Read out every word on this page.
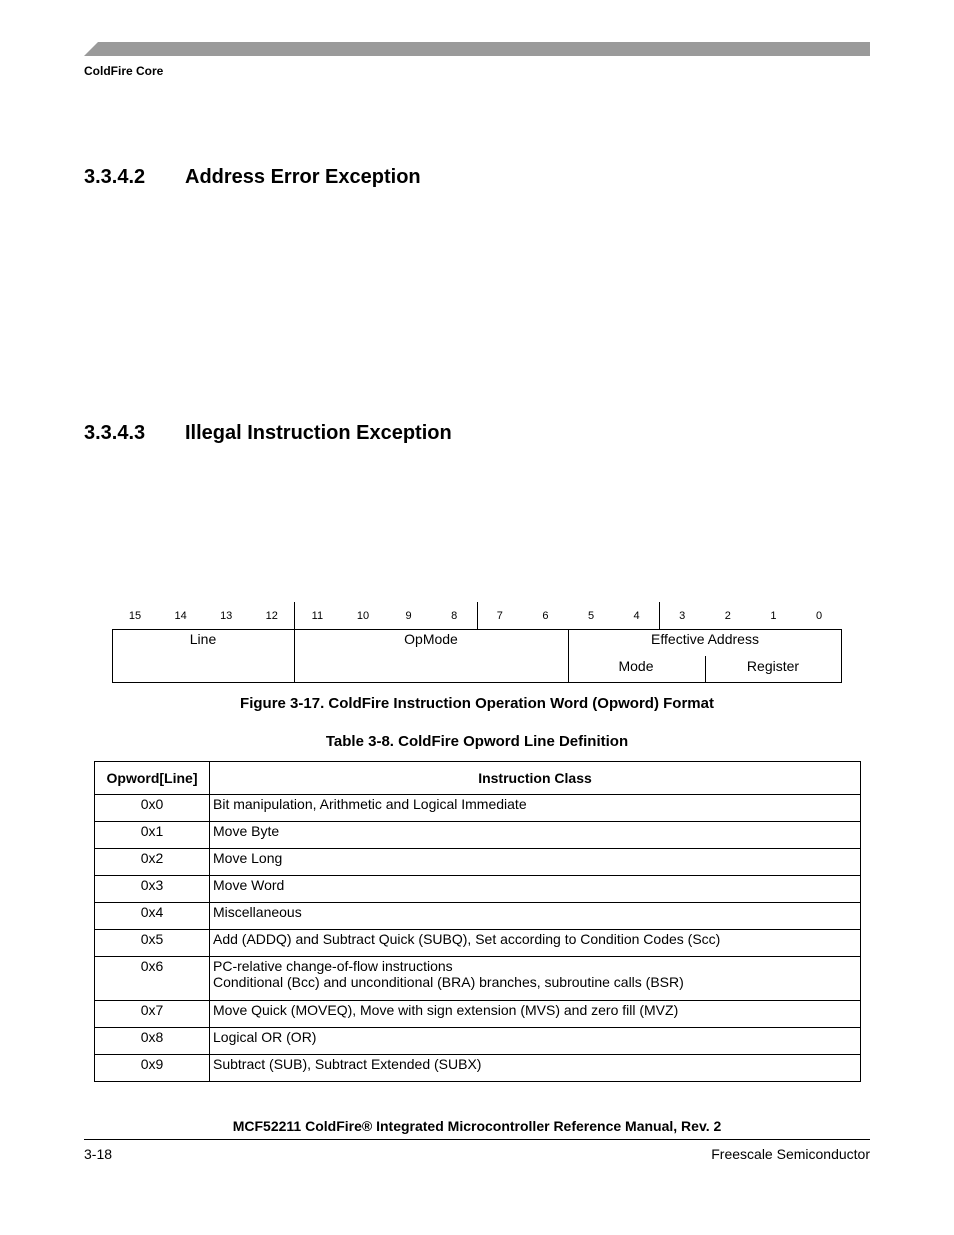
ColdFire Core
3.3.4.2 Address Error Exception
3.3.4.3 Illegal Instruction Exception
15	14	13	12	11	10	9	8	7	6	5	4	3	2	1	0
Line	OpMode	Effective Address
Mode	Register
Figure 3-17. ColdFire Instruction Operation Word (Opword) Format
Table 3-8. ColdFire Opword Line Definition
Opword[Line]	Instruction Class
0x0	Bit manipulation, Arithmetic and Logical Immediate

0x1	Move Byte

0x2	Move Long

0x3	Move Word

0x4	Miscellaneous

0x5	Add (ADDQ) and Subtract Quick (SUBQ), Set according to Condition Codes (Scc)

0x6	PC-relative change-of-flow instructions
Conditional (Bcc) and unconditional (BRA) branches, subroutine calls (BSR)

0x7	Move Quick (MOVEQ), Move with sign extension (MVS) and zero fill (MVZ)

0x8	Logical OR (OR)

0x9	Subtract (SUB), Subtract Extended (SUBX)
MCF52211 ColdFire® Integrated Microcontroller Reference Manual, Rev. 2
3-18	Freescale Semiconductor
